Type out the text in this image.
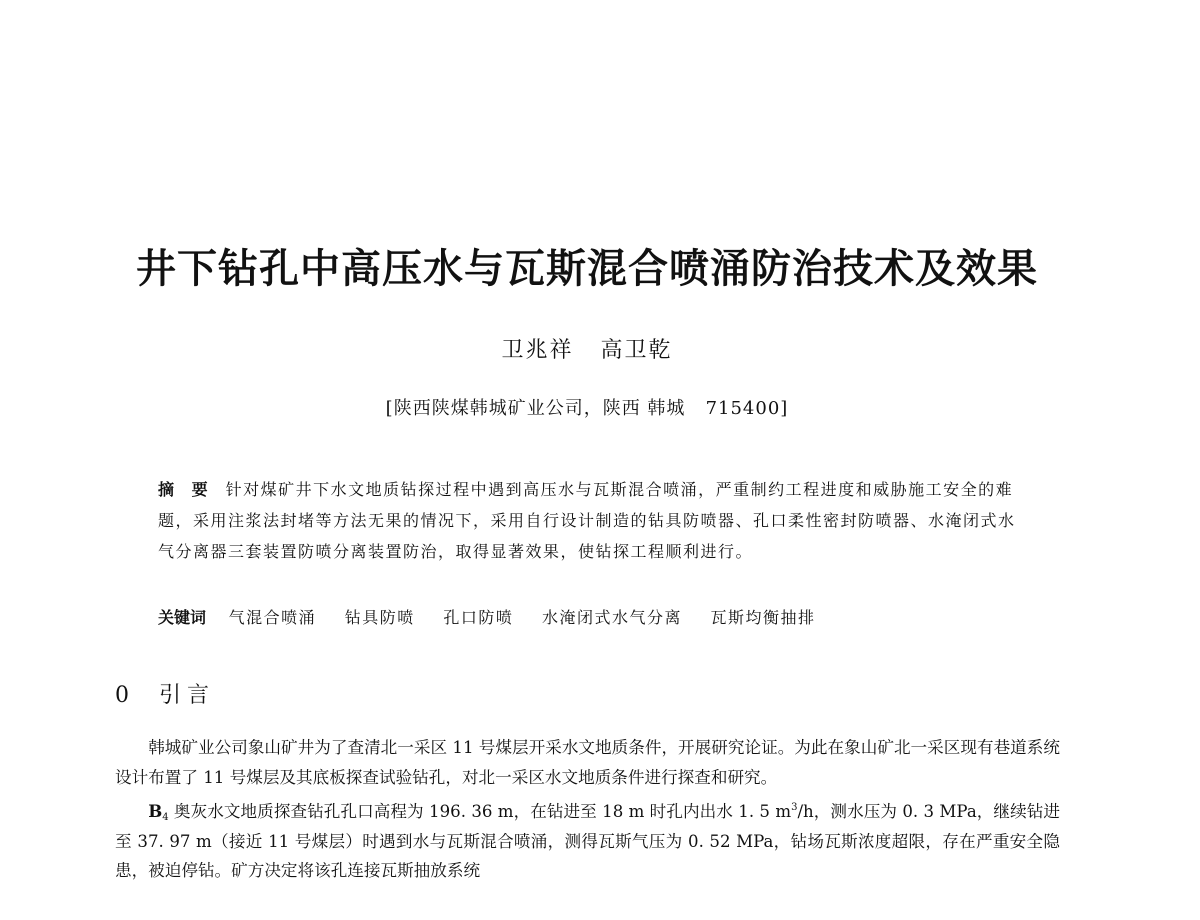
井下钻孔中高压水与瓦斯混合喷涌防治技术及效果
卫兆祥   高卫乾
[陕西陕煤韩城矿业公司，陕西 韩城   715400]
摘 要 针对煤矿井下水文地质钻探过程中遇到高压水与瓦斯混合喷涌，严重制约工程进度和威胁施工安全的难题，采用注浆法封堵等方法无果的情况下，采用自行设计制造的钻具防喷器、孔口柔性密封防喷器、水淹闭式水气分离器三套装置防喷分离装置防治，取得显著效果，使钻探工程顺利进行。
关键词 气混合喷涌 钻具防喷 孔口防喷 水淹闭式水气分离 瓦斯均衡抽排
0 引言

韩城矿业公司象山矿井为了查清北一采区 11 号煤层开采水文地质条件，开展研究论证。为此在象山矿北一采区现有巷道系统设计布置了 11 号煤层及其底板探查试验钻孔，对北一采区水文地质条件进行探查和研究。

$B_4$ 奥灰水文地质探查钻孔孔口高程为 196. 36 m，在钻进至 18 m 时孔内出水 1. 5 $m^3/h$，测水压为 0. 3 MPa，继续钻进至 37. 97 m（接近 11 号煤层）时遇到水与瓦斯混合喷涌，测得瓦斯气压为 0. 52 MPa，钻场瓦斯浓度超限，存在严重安全隐患，被迫停钻。矿方决定将该孔连接瓦斯抽放系统
